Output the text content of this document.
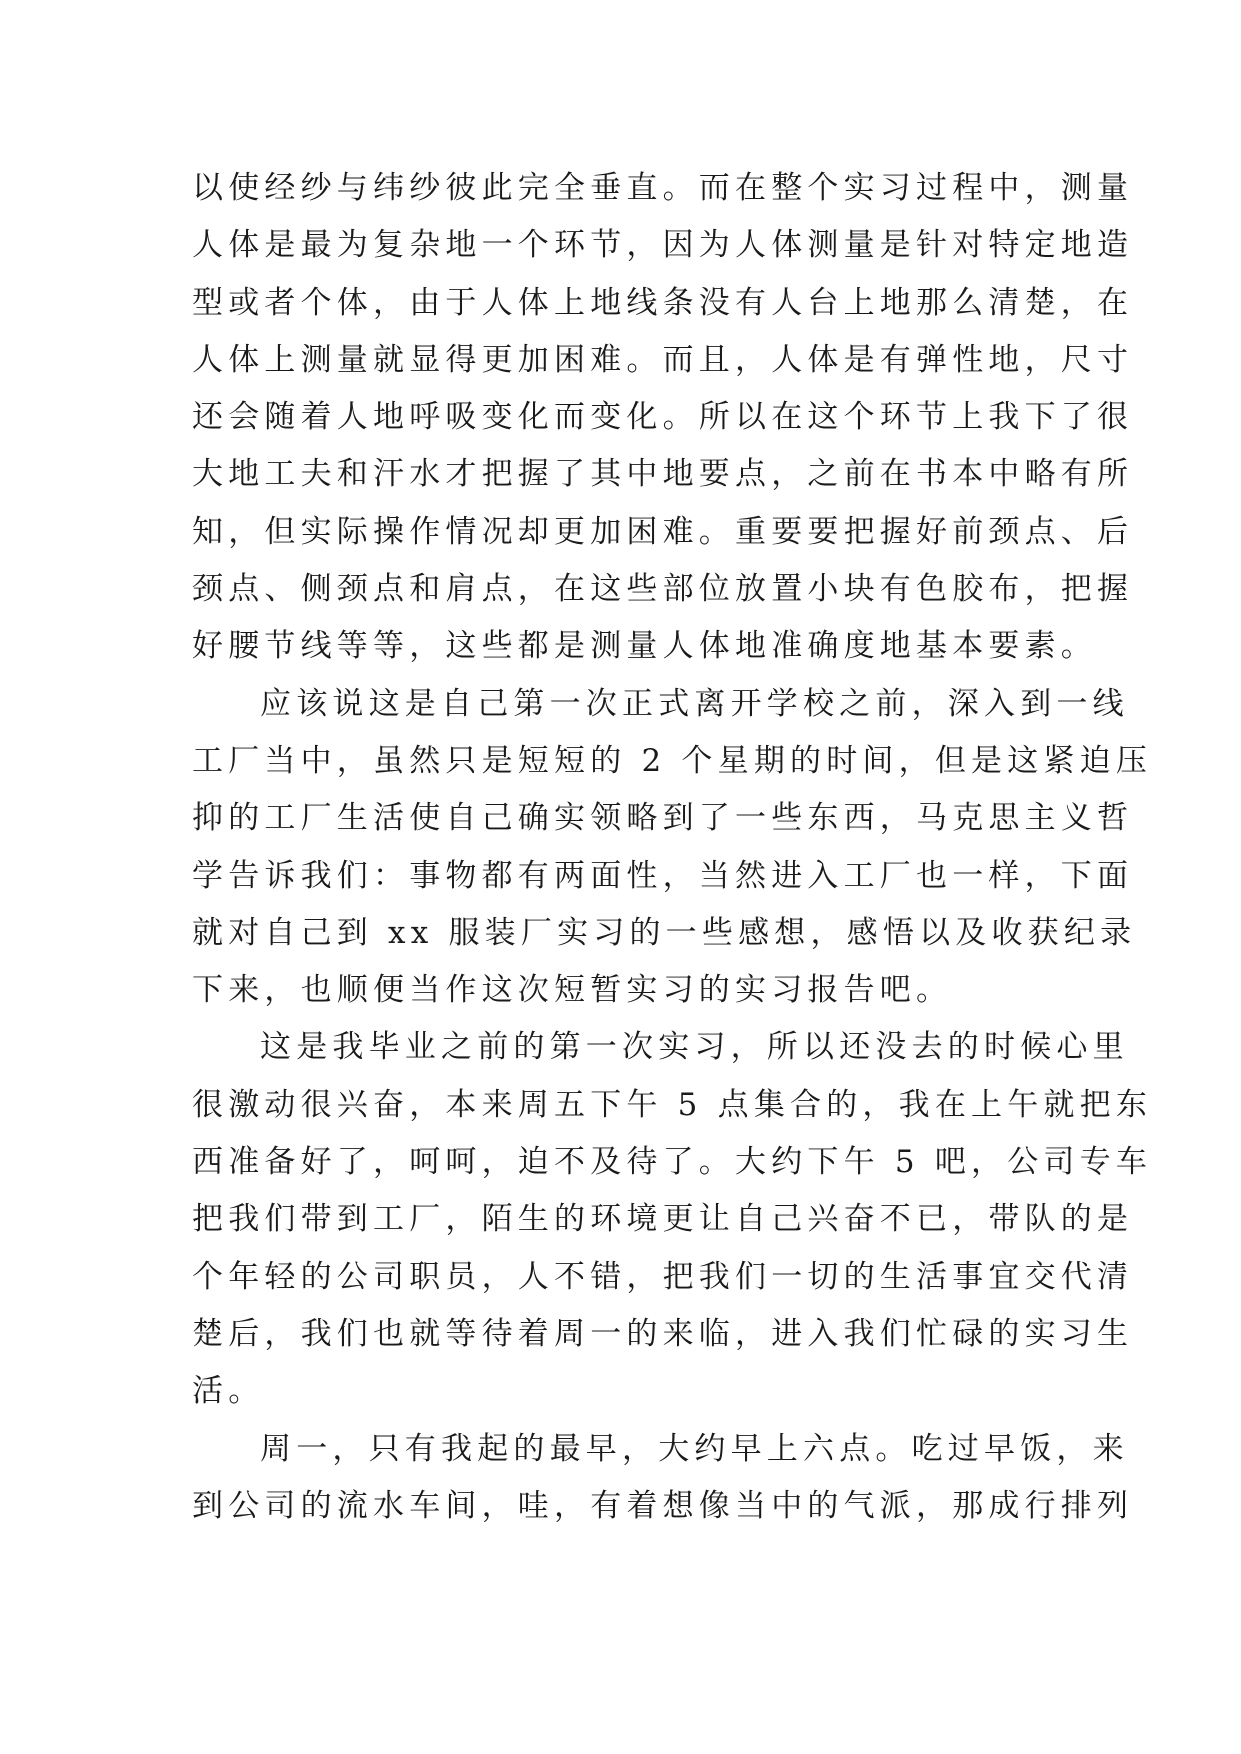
以使经纱与纬纱彼此完全垂直。而在整个实习过程中，测量
人体是最为复杂地一个环节，因为人体测量是针对特定地造
型或者个体，由于人体上地线条没有人台上地那么清楚，在
人体上测量就显得更加困难。而且，人体是有弹性地，尺寸
还会随着人地呼吸变化而变化。所以在这个环节上我下了很
大地工夫和汗水才把握了其中地要点，之前在书本中略有所
知，但实际操作情况却更加困难。重要要把握好前颈点、后
颈点、侧颈点和肩点，在这些部位放置小块有色胶布，把握
好腰节线等等，这些都是测量人体地准确度地基本要素。
应该说这是自己第一次正式离开学校之前，深入到一线
工厂当中，虽然只是短短的 2 个星期的时间，但是这紧迫压
抑的工厂生活使自己确实领略到了一些东西，马克思主义哲
学告诉我们：事物都有两面性，当然进入工厂也一样，下面
就对自己到 xx 服装厂实习的一些感想，感悟以及收获纪录
下来，也顺便当作这次短暂实习的实习报告吧。
这是我毕业之前的第一次实习，所以还没去的时候心里
很激动很兴奋，本来周五下午 5 点集合的，我在上午就把东
西准备好了，呵呵，迫不及待了。大约下午 5 吧，公司专车
把我们带到工厂，陌生的环境更让自己兴奋不已，带队的是
个年轻的公司职员，人不错，把我们一切的生活事宜交代清
楚后，我们也就等待着周一的来临，进入我们忙碌的实习生
活。
周一，只有我起的最早，大约早上六点。吃过早饭，来
到公司的流水车间，哇，有着想像当中的气派，那成行排列
